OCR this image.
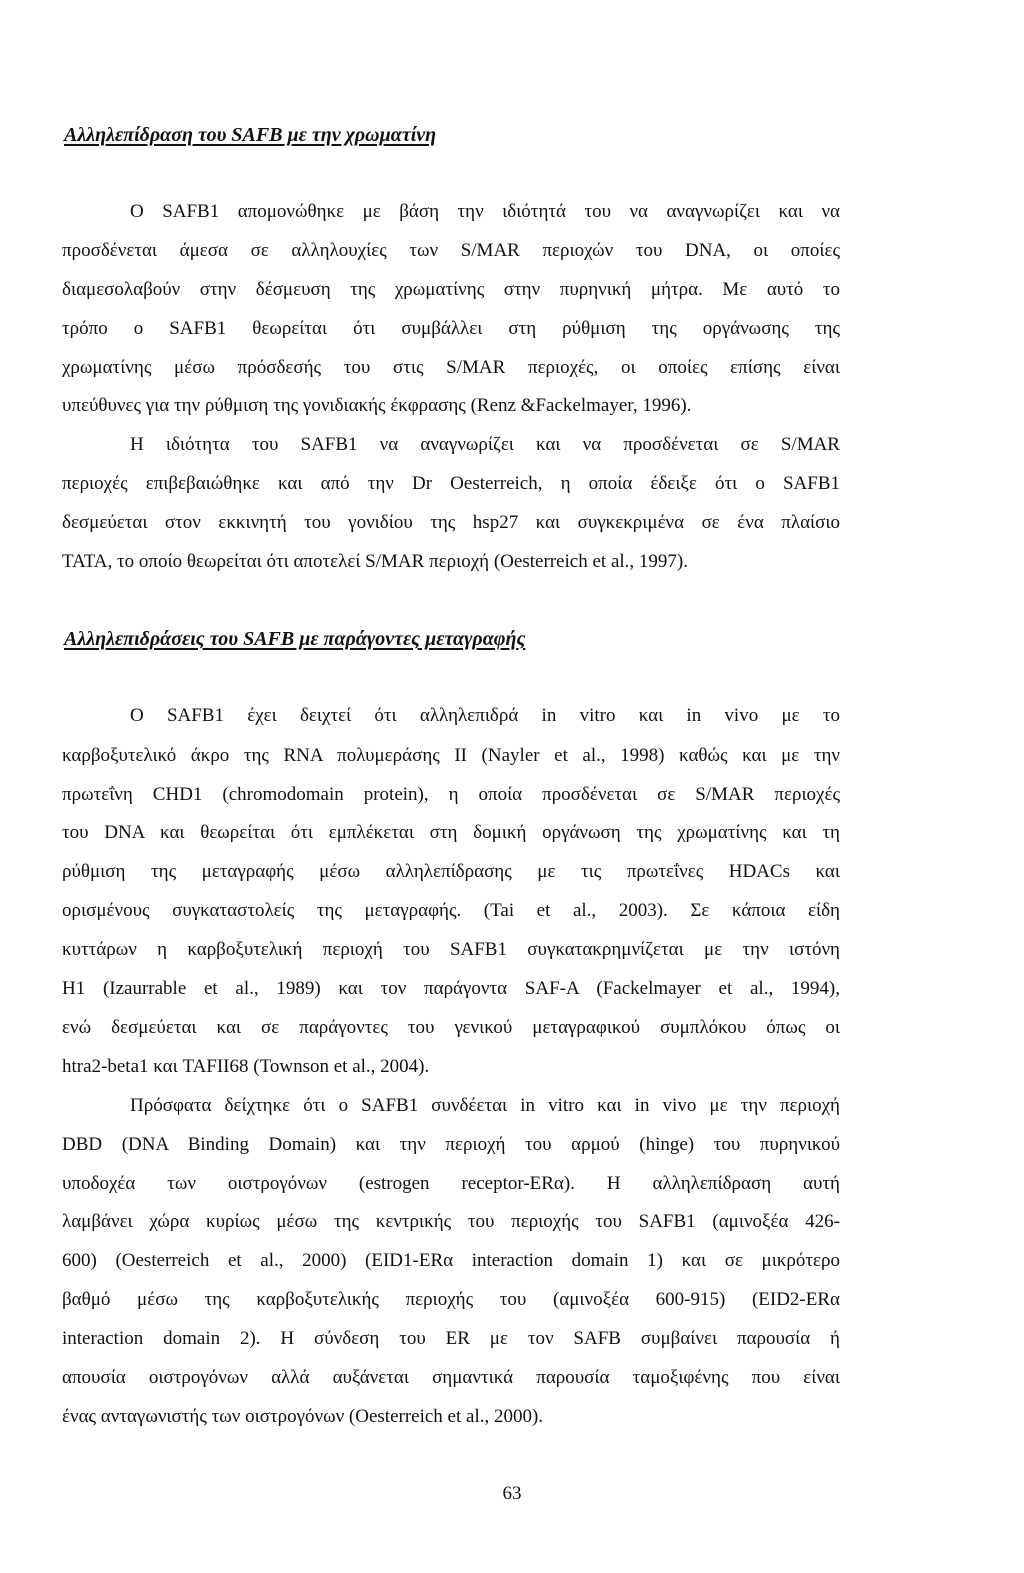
Αλληλεπίδραση του SAFB με την χρωματίνη
Ο SAFB1 απομονώθηκε με βάση την ιδιότητά του να αναγνωρίζει και να
προσδένεται άμεσα σε αλληλουχίες των S/MAR περιοχών του DNA, οι οποίες
διαμεσολαβούν στην δέσμευση της χρωματίνης στην πυρηνική μήτρα. Με αυτό το
τρόπο ο SAFB1 θεωρείται ότι συμβάλλει στη ρύθμιση της οργάνωσης της
χρωματίνης μέσω πρόσδεσής του στις S/MAR περιοχές, οι οποίες επίσης είναι
υπεύθυνες για την ρύθμιση της γονιδιακής έκφρασης (Renz &Fackelmayer, 1996).
Η ιδιότητα του SAFB1 να αναγνωρίζει και να προσδένεται σε S/MAR
περιοχές επιβεβαιώθηκε και από την Dr Oesterreich, η οποία έδειξε ότι ο SAFB1
δεσμεύεται στον εκκινητή του γονιδίου της hsp27 και συγκεκριμένα σε ένα πλαίσιο
ΤΑΤΑ, το οποίο θεωρείται ότι αποτελεί S/MAR περιοχή (Oesterreich et al., 1997).
Αλληλεπιδράσεις του SAFB με παράγοντες μεταγραφής
Ο SAFB1 έχει δειχτεί ότι αλληλεπιδρά in vitro και in vivo με το
καρβοξυτελικό άκρο της RNA πολυμεράσης II (Nayler et al., 1998) καθώς και με την
πρωτεΐνη CHD1 (chromodomain protein), η οποία προσδένεται σε S/MAR περιοχές
του DNA και θεωρείται ότι εμπλέκεται στη δομική οργάνωση της χρωματίνης και τη
ρύθμιση της μεταγραφής μέσω αλληλεπίδρασης με τις πρωτεΐνες HDACs και
ορισμένους συγκαταστολείς της μεταγραφής. (Tai et al., 2003). Σε κάποια είδη
κυττάρων η καρβοξυτελική περιοχή του SAFB1 συγκατακρημνίζεται με την ιστόνη
H1 (Izaurrable et al., 1989) και τον παράγοντα SAF-A (Fackelmayer et al., 1994),
ενώ δεσμεύεται και σε παράγοντες του γενικού μεταγραφικού συμπλόκου όπως οι
htra2-beta1 και TAFII68 (Townson et al., 2004).
Πρόσφατα δείχτηκε ότι ο SAFB1 συνδέεται in vitro και in vivo με την περιοχή
DBD (DNA Binding Domain) και την περιοχή του αρμού (hinge) του πυρηνικού
υποδοχέα των οιστρογόνων (estrogen receptor-ERα). Η αλληλεπίδραση αυτή
λαμβάνει χώρα κυρίως μέσω της κεντρικής του περιοχής του SAFB1 (αμινοξέα 426-
600) (Oesterreich et al., 2000) (EID1-ERα interaction domain 1) και σε μικρότερο
βαθμό μέσω της καρβοξυτελικής περιοχής του (αμινοξέα 600-915) (EID2-ERα
interaction domain 2). Η σύνδεση του ER με τον SAFB συμβαίνει παρουσία ή
απουσία οιστρογόνων αλλά αυξάνεται σημαντικά παρουσία ταμοξιφένης που είναι
ένας ανταγωνιστής των οιστρογόνων (Oesterreich et al., 2000).
63
